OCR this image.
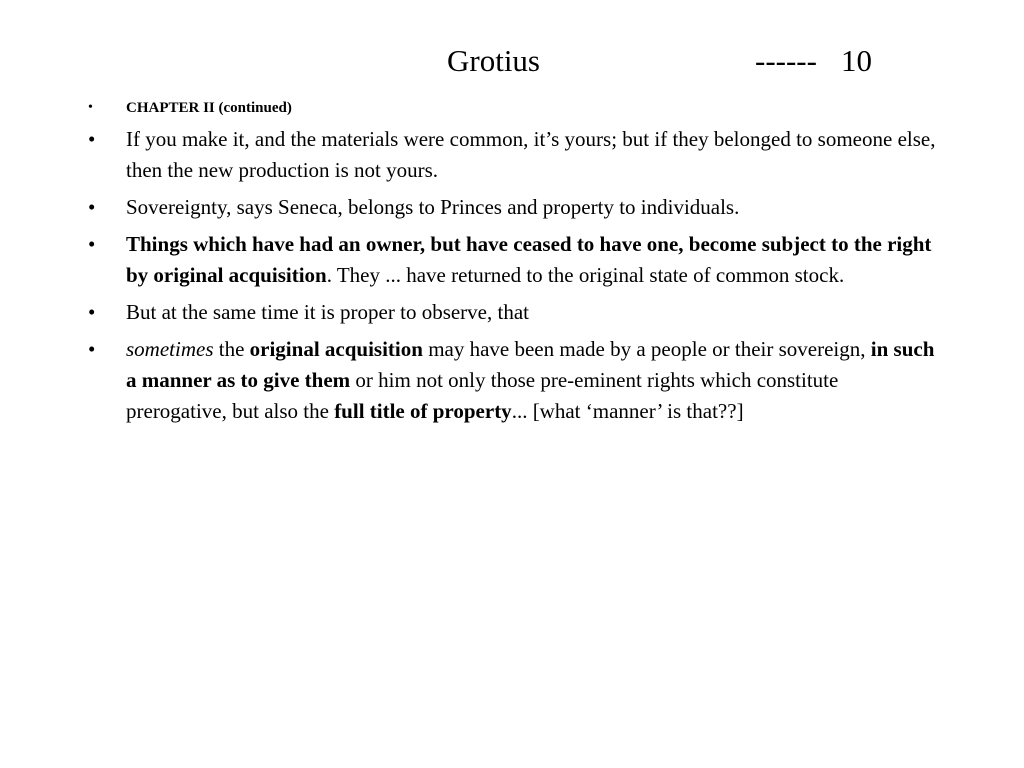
Grotius	------ 10
• CHAPTER II (continued)
• If you make it, and the materials were common, it’s yours; but if they belonged to someone else, then the new production is not yours.
• Sovereignty, says Seneca, belongs to Princes and property to individuals.
• Things which have had an owner, but have ceased to have one, become subject to the right by original acquisition. They ... have returned to the original state of common stock.
• But at the same time it is proper to observe, that
• sometimes the original acquisition may have been made by a people or their sovereign, in such a manner as to give them or him not only those pre-eminent rights which constitute prerogative, but also the full title of property... [what ‘manner’ is that??]
